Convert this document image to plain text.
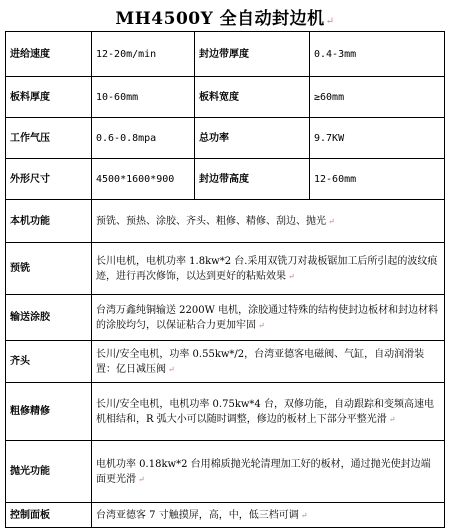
MH4500Y 全自动封边机↵
进给速度	12-20m/min	封边带厚度	0.4-3mm
板料厚度	10-60mm	板料宽度	≥60mm
工作气压	0.6-0.8mpa	总功率	9.7KW
外形尺寸	4500*1600*900	封边带高度	12-60mm
本机功能	预铣、预热、涂胶、齐头、粗修、精修、刮边、抛光 ↵		
预铣	长川电机，电机功率 1.8kw*2 台.采用双铣刀对裁板锯加工后所引起的波纹痕迹，进行再次修饰，以达到更好的粘贴效果 ↵		
输送涂胶	台湾万鑫纯铜输送 2200W 电机，涂胶通过特殊的结构使封边板材和封边材料的涂胶均匀，以保证粘合力更加牢固 ↵		
齐头	长川/安全电机，功率 0.55kw*/2，台湾亚德客电磁阀、气缸，自动润滑装置：亿日减压阀 ↵		
粗修精修	长川/安全电机，电机功率 0.75kw*4 台，双修功能，自动跟踪和变频高速电机相结和，R 弧大小可以随时调整，修边的板材上下部分平整光滑 ↵		
抛光功能	电机功率 0.18kw*2 台用棉质抛光轮清理加工好的板材，通过抛光使封边端面更光滑 ↵		
控制面板	台湾亚德客 7 寸触摸屏，高，中，低三档可调 ↵		
